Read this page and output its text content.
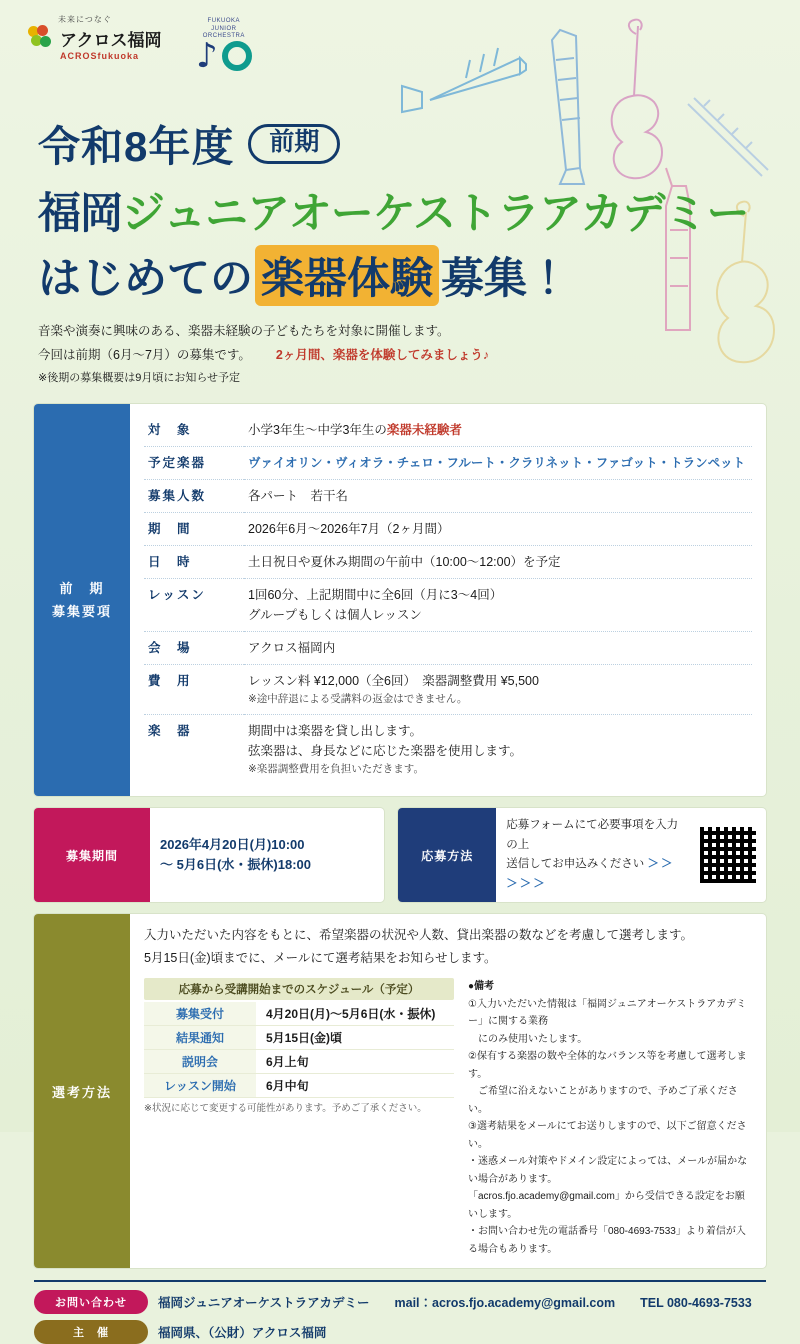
未来につなぐ
アクロス福岡
ACROSfukuoka

FUKUOKA
JUNIOR
ORCHESTRA
♪
令和8年度	前期
福岡ジュニアオーケストラアカデミー
はじめての 楽器体験 募集！
音楽や演奏に興味のある、楽器未経験の子どもたちを対象に開催します。
今回は前期（6月～7月）の募集です。 2ヶ月間、楽器を体験してみましょう♪
※後期の募集概要は9月頃にお知らせ予定
前　期
募集要項
対　象	小学3年生～中学3年生の楽器未経験者
予定楽器	ヴァイオリン・ヴィオラ・チェロ・フルート・クラリネット・ファゴット・トランペット
募集人数	各パート　若干名
期　間	2026年6月～2026年7月（2ヶ月間）
日　時	土日祝日や夏休み期間の午前中（10:00～12:00）を予定
レッスン	1回60分、上記期間中に全6回（月に3～4回）
グループもしくは個人レッスン

会　場	アクロス福岡内
費　用	レッスン料 ¥12,000（全6回）　楽器調整費用 ¥5,500
※途中辞退による受講料の返金はできません。

楽　器	期間中は楽器を貸し出します。
弦楽器は、身長などに応じた楽器を使用します。
※楽器調整費用を負担いただきます。
募集期間
2026年4月20日(月)10:00
～ 5月6日(水・振休)18:00
応募方法
応募フォームにて必要事項を入力の上
送信してお申込みください ＞＞＞＞＞
選考方法
入力いただいた内容をもとに、希望楽器の状況や人数、貸出楽器の数などを考慮して選考します。
5月15日(金)頃までに、メールにて選考結果をお知らせします。
応募から受講開始までのスケジュール（予定）
募集受付	4月20日(月)～5月6日(水・振休)
結果通知	5月15日(金)頃
説明会	6月上旬
レッスン開始	6月中旬
※状況に応じて変更する可能性があります。予めご了承ください。
●備考
①入力いただいた情報は「福岡ジュニアオーケストラアカデミー」に関する業務
　にのみ使用いたします。
②保有する楽器の数や全体的なバランス等を考慮して選考します。
　ご希望に沿えないことがありますので、予めご了承ください。
③選考結果をメールにてお送りしますので、以下ご留意ください。
・迷惑メール対策やドメイン設定によっては、メールが届かない場合があります。
「acros.fjo.academy@gmail.com」から受信できる設定をお願いします。
・お問い合わせ先の電話番号「080-4693-7533」より着信が入る場合もあります。
お問い合わせ	福岡ジュニアオーケストラアカデミー　　mail：acros.fjo.academy@gmail.com　　TEL 080-4693-7533
主　催	福岡県、（公財）アクロス福岡
